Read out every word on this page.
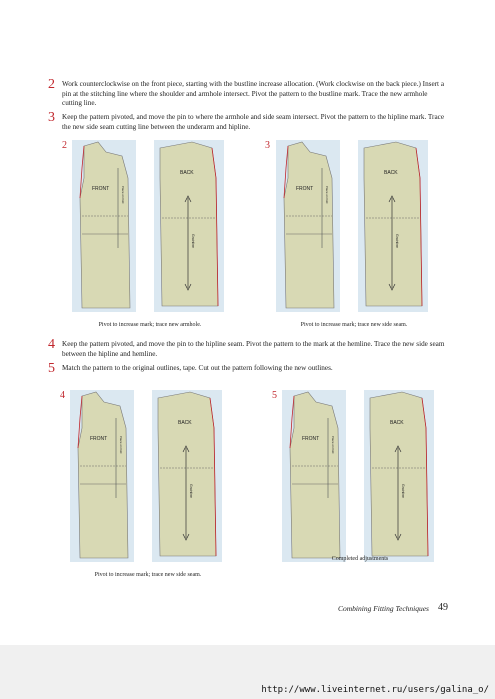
2 Work counterclockwise on the front piece, starting with the bustline increase allocation. (Work clockwise on the back piece.) Insert a pin at the stitching line where the shoulder and armhole intersect. Pivot the pattern to the bustline mark. Trace the new armhole cutting line.
3 Keep the pattern pivoted, and move the pin to where the armhole and side seam intersect. Pivot the pattern to the hipline mark. Trace the new side seam cutting line between the underarm and hipline.
4 Keep the pattern pivoted, and move the pin to the hipline seam. Pivot the pattern to the mark at the hemline. Trace the new side seam between the hipline and hemline.
5 Match the pattern to the original outlines, tape. Cut out the pattern following the new outlines.
2
FRONT	Place on fold
BACK
Grainline
Pivot to increase mark; trace new armhole.
3
FRONT	Place on fold
BACK
Grainline
Pivot to increase mark; trace new side seam.
4
FRONT	Place on fold
BACK
Grainline
Pivot to increase mark; trace new side seam.
5
FRONT	Place on fold
BACK
Grainline
Completed adjustments
Combining Fitting Techniques 49
http://www.liveinternet.ru/users/galina_o/
